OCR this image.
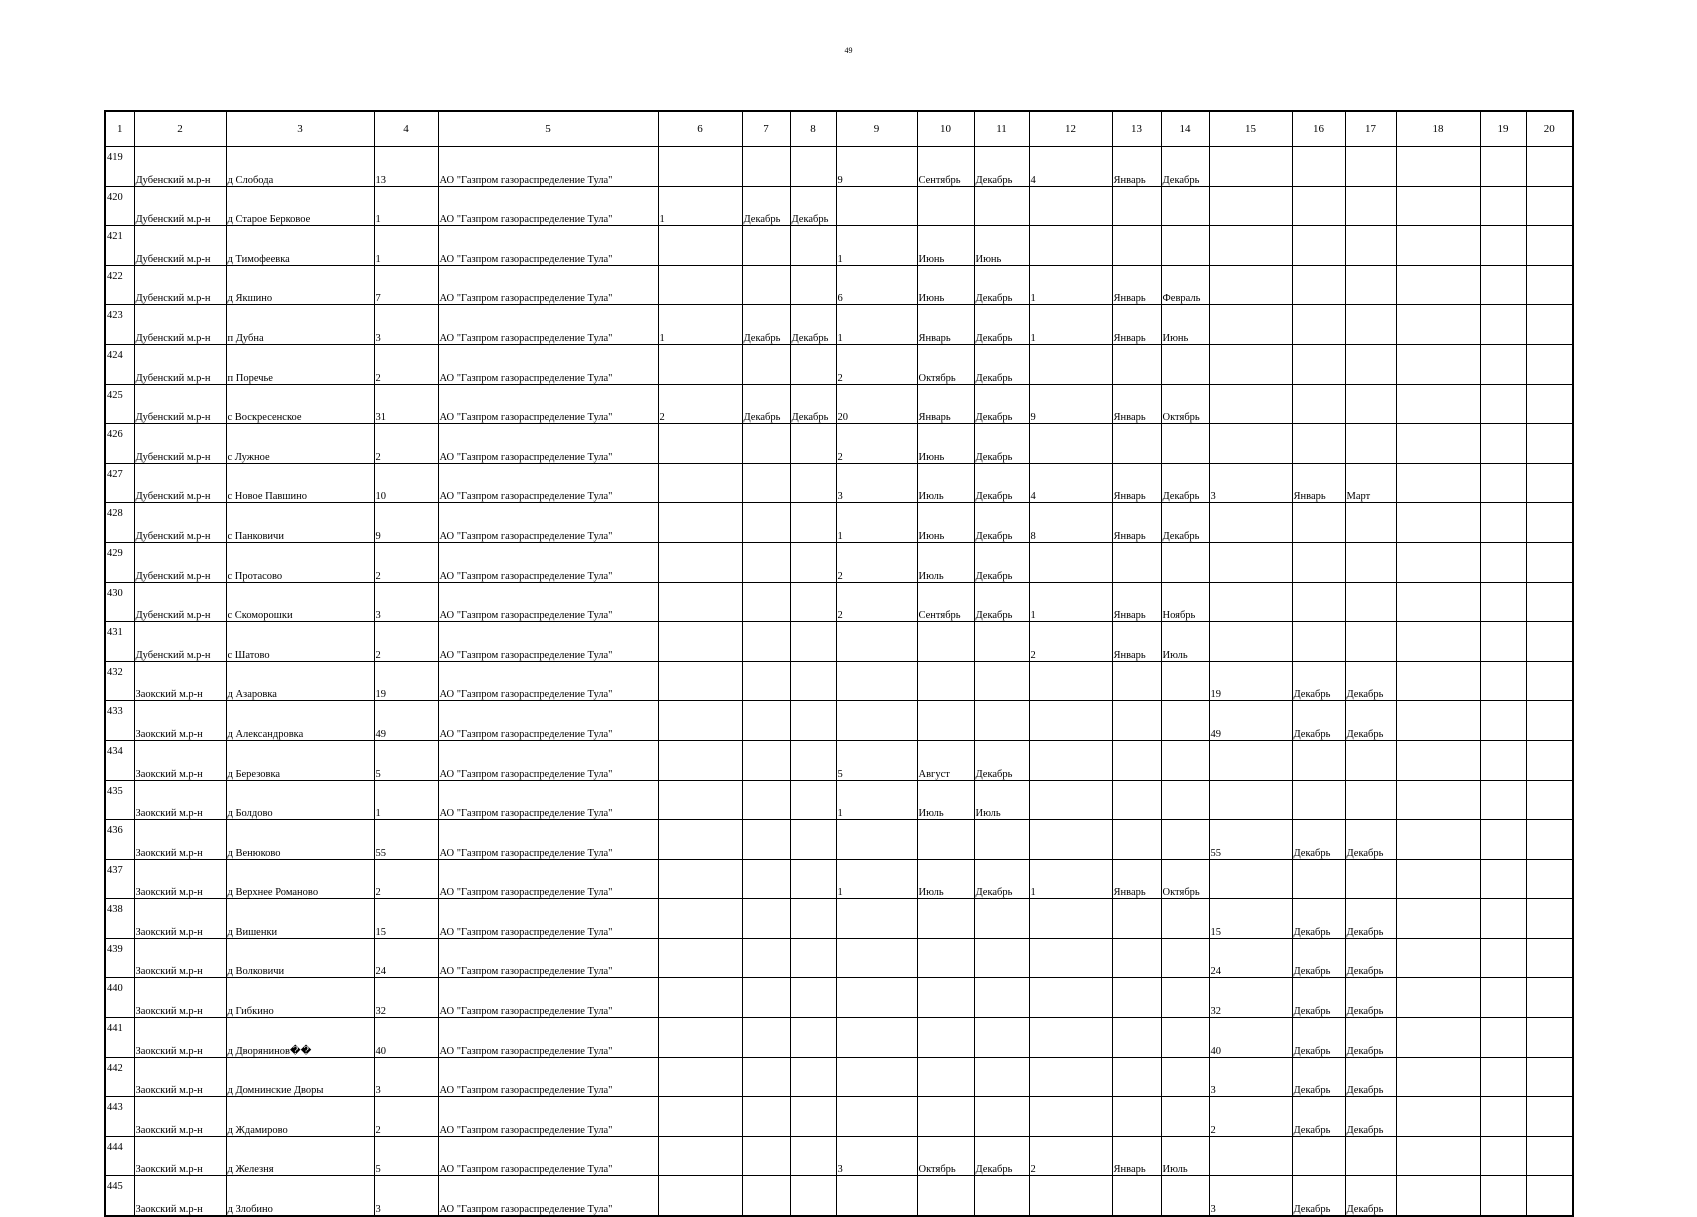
49
1	2	3	4	5	6	7	8	9	10	11	12	13	14	15	16	17	18	19	20
419	Дубенский м.р-н	д Слобода	13	АО "Газпром газораспределение Тула"				9	Сентябрь	Декабрь	4	Январь	Декабрь						
420	Дубенский м.р-н	д Старое Берковое	1	АО "Газпром газораспределение Тула"	1	Декабрь	Декабрь												
421	Дубенский м.р-н	д Тимофеевка	1	АО "Газпром газораспределение Тула"				1	Июнь	Июнь									
422	Дубенский м.р-н	д Якшино	7	АО "Газпром газораспределение Тула"				6	Июнь	Декабрь	1	Январь	Февраль						
423	Дубенский м.р-н	п Дубна	3	АО "Газпром газораспределение Тула"	1	Декабрь	Декабрь	1	Январь	Декабрь	1	Январь	Июнь						
424	Дубенский м.р-н	п Поречье	2	АО "Газпром газораспределение Тула"				2	Октябрь	Декабрь									
425	Дубенский м.р-н	с Воскресенское	31	АО "Газпром газораспределение Тула"	2	Декабрь	Декабрь	20	Январь	Декабрь	9	Январь	Октябрь						
426	Дубенский м.р-н	с Лужное	2	АО "Газпром газораспределение Тула"				2	Июнь	Декабрь									
427	Дубенский м.р-н	с Новое Павшино	10	АО "Газпром газораспределение Тула"				3	Июль	Декабрь	4	Январь	Декабрь	3	Январь	Март			
428	Дубенский м.р-н	с Панковичи	9	АО "Газпром газораспределение Тула"				1	Июнь	Декабрь	8	Январь	Декабрь						
429	Дубенский м.р-н	с Протасово	2	АО "Газпром газораспределение Тула"				2	Июль	Декабрь									
430	Дубенский м.р-н	с Скоморошки	3	АО "Газпром газораспределение Тула"				2	Сентябрь	Декабрь	1	Январь	Ноябрь						
431	Дубенский м.р-н	с Шатово	2	АО "Газпром газораспределение Тула"							2	Январь	Июль						
432	Заокский м.р-н	д Азаровка	19	АО "Газпром газораспределение Тула"										19	Декабрь	Декабрь			
433	Заокский м.р-н	д Александровка	49	АО "Газпром газораспределение Тула"										49	Декабрь	Декабрь			
434	Заокский м.р-н	д Березовка	5	АО "Газпром газораспределение Тула"				5	Август	Декабрь									
435	Заокский м.р-н	д Болдово	1	АО "Газпром газораспределение Тула"				1	Июль	Июль									
436	Заокский м.р-н	д Венюково	55	АО "Газпром газораспределение Тула"										55	Декабрь	Декабрь			
437	Заокский м.р-н	д Верхнее Романово	2	АО "Газпром газораспределение Тула"				1	Июль	Декабрь	1	Январь	Октябрь						
438	Заокский м.р-н	д Вишенки	15	АО "Газпром газораспределение Тула"										15	Декабрь	Декабрь			
439	Заокский м.р-н	д Волковичи	24	АО "Газпром газораспределение Тула"										24	Декабрь	Декабрь			
440	Заокский м.р-н	д Гибкино	32	АО "Газпром газораспределение Тула"										32	Декабрь	Декабрь			
441	Заокский м.р-н	д Дворянинов��	40	АО "Газпром газораспределение Тула"										40	Декабрь	Декабрь			
442	Заокский м.р-н	д Домнинские Дворы	3	АО "Газпром газораспределение Тула"										3	Декабрь	Декабрь			
443	Заокский м.р-н	д Ждамирово	2	АО "Газпром газораспределение Тула"										2	Декабрь	Декабрь			
444	Заокский м.р-н	д Железня	5	АО "Газпром газораспределение Тула"				3	Октябрь	Декабрь	2	Январь	Июль						
445	Заокский м.р-н	д Злобино	3	АО "Газпром газораспределение Тула"										3	Декабрь	Декабрь			
